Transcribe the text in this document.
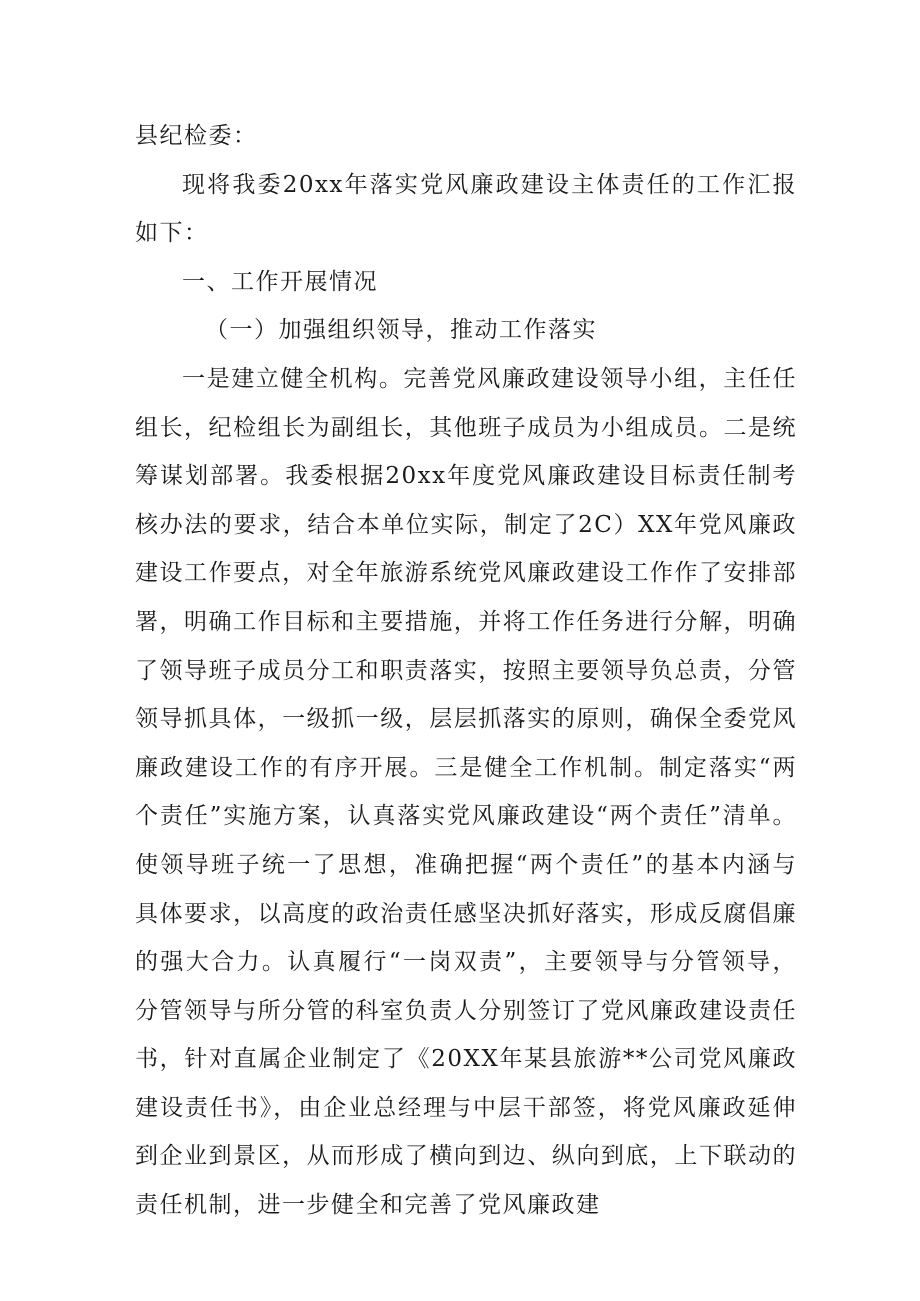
县纪检委：

现将我委20xx年落实党风廉政建设主体责任的工作汇报如下：

一、工作开展情况

（一）加强组织领导，推动工作落实

一是建立健全机构。完善党风廉政建设领导小组，主任任组长，纪检组长为副组长，其他班子成员为小组成员。二是统筹谋划部署。我委根据20xx年度党风廉政建设目标责任制考核办法的要求，结合本单位实际，制定了2C）XX年党风廉政建设工作要点，对全年旅游系统党风廉政建设工作作了安排部署，明确工作目标和主要措施，并将工作任务进行分解，明确了领导班子成员分工和职责落实，按照主要领导负总责，分管领导抓具体，一级抓一级，层层抓落实的原则，确保全委党风廉政建设工作的有序开展。三是健全工作机制。制定落实“两个责任”实施方案，认真落实党风廉政建设“两个责任”清单。使领导班子统一了思想，准确把握“两个责任”的基本内涵与具体要求，以高度的政治责任感坚决抓好落实，形成反腐倡廉的强大合力。认真履行“一岗双责”，主要领导与分管领导，分管领导与所分管的科室负责人分别签订了党风廉政建设责任书，针对直属企业制定了《20XX年某县旅游**公司党风廉政建设责任书》，由企业总经理与中层干部签，将党风廉政延伸到企业到景区，从而形成了横向到边、纵向到底，上下联动的责任机制，进一步健全和完善了党风廉政建
